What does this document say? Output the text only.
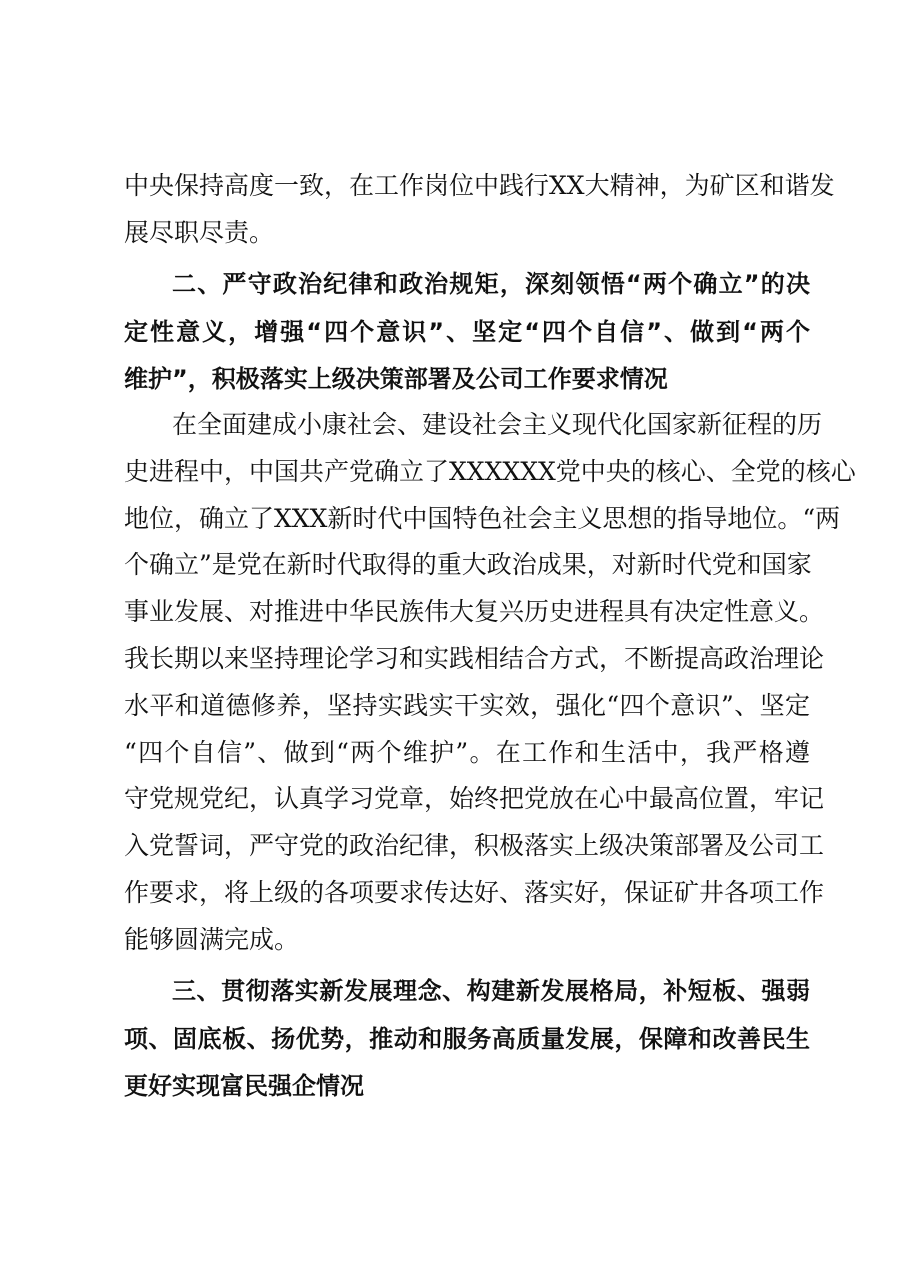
中央保持高度一致，在工作岗位中践行XX大精神，为矿区和谐发
展尽职尽责。
二、严守政治纪律和政治规矩，深刻领悟“两个确立”的决
定性意义，增强“四个意识”、坚定“四个自信”、做到“两个
维护”，积极落实上级决策部署及公司工作要求情况
在全面建成小康社会、建设社会主义现代化国家新征程的历
史进程中，中国共产党确立了XXXXXX党中央的核心、全党的核心
地位，确立了XXX新时代中国特色社会主义思想的指导地位。“两
个确立”是党在新时代取得的重大政治成果，对新时代党和国家
事业发展、对推进中华民族伟大复兴历史进程具有决定性意义。
我长期以来坚持理论学习和实践相结合方式，不断提高政治理论
水平和道德修养，坚持实践实干实效，强化“四个意识”、坚定
“四个自信”、做到“两个维护”。在工作和生活中，我严格遵
守党规党纪，认真学习党章，始终把党放在心中最高位置，牢记
入党誓词，严守党的政治纪律，积极落实上级决策部署及公司工
作要求，将上级的各项要求传达好、落实好，保证矿井各项工作
能够圆满完成。
三、贯彻落实新发展理念、构建新发展格局，补短板、强弱
项、固底板、扬优势，推动和服务高质量发展，保障和改善民生
更好实现富民强企情况
